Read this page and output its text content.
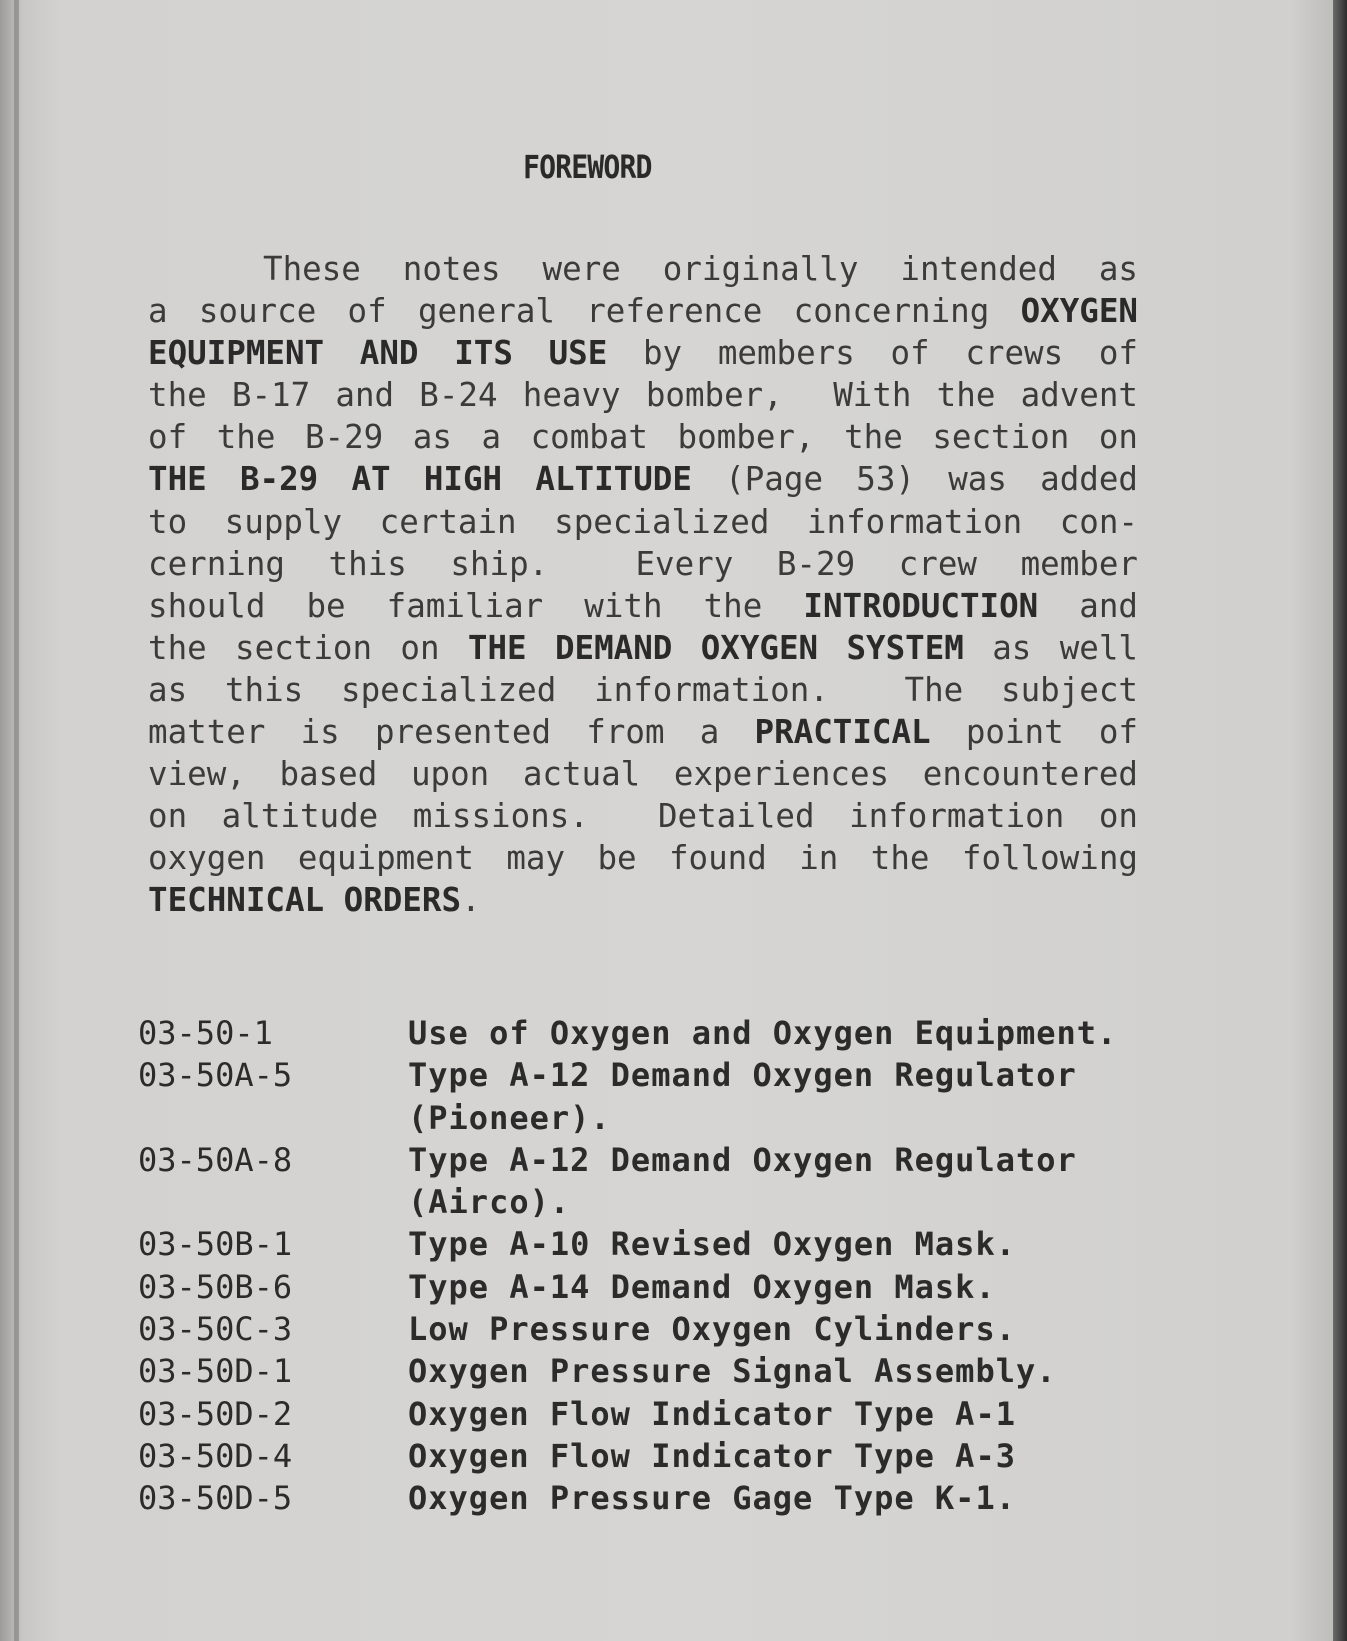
FOREWORD
These notes were originally intended as
a source of general reference concerning OXYGEN
EQUIPMENT AND ITS USE by members of crews of
the B-17 and B-24 heavy bomber,  With the advent
of the B-29 as a combat bomber, the section on
THE B-29 AT HIGH ALTITUDE (Page 53) was added
to supply certain specialized information con-
cerning this ship.  Every B-29 crew member
should be familiar with the INTRODUCTION and
the section on THE DEMAND OXYGEN SYSTEM as well
as this specialized information.  The subject
matter is presented from a PRACTICAL point of
view, based upon actual experiences encountered
on altitude missions.  Detailed information on
oxygen equipment may be found in the following
TECHNICAL ORDERS.
03-50-1	Use of Oxygen and Oxygen Equipment.
03-50A-5	Type A-12 Demand Oxygen Regulator (Pioneer).
03-50A-8	Type A-12 Demand Oxygen Regulator (Airco).
03-50B-1	Type A-10 Revised Oxygen Mask.
03-50B-6	Type A-14 Demand Oxygen Mask.
03-50C-3	Low Pressure Oxygen Cylinders.
03-50D-1	Oxygen Pressure Signal Assembly.
03-50D-2	Oxygen Flow Indicator Type A-1
03-50D-4	Oxygen Flow Indicator Type A-3
03-50D-5	Oxygen Pressure Gage Type K-1.
